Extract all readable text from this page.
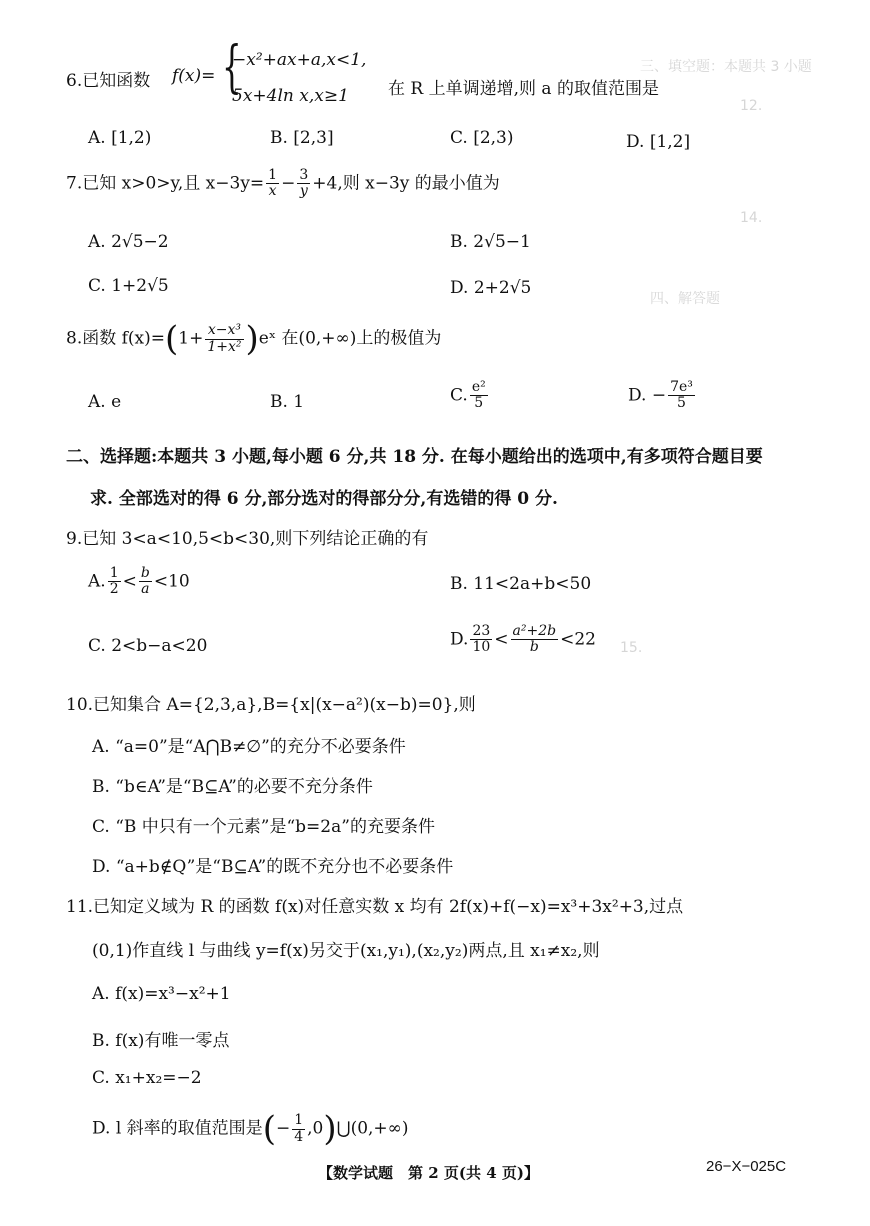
三、填空题：本题共 3 小题
12.
14.
四、解答题
15.
6.已知函数 f(x)= {
−x²+ax+a,x<1,
5x+4ln x,x≥1 在 R 上单调递增,则 a 的取值范围是
A. [1,2)	B. [2,3]	C. [2,3)	D. [1,2]
7.已知 x>0>y,且 $x-3y= \frac{1}{x} - \frac{3}{y} +4$,则 x−3y 的最小值为
A. 2√5−2	B. 2√5−1
C. 1+2√5	D. 2+2√5
8.函数 $f(x)=(1+ \frac{\text{x−x³}}{\text{1+x²}}$ )eˣ 在(0,+∞)上的极值为
A. e	B. 1	C. $\frac{\text{e²}}{5}$	D. − $\frac{\text{7e³}}{5}$
二、选择题:本题共 3 小题,每小题 6 分,共 18 分. 在每小题给出的选项中,有多项符合题目要
求. 全部选对的得 6 分,部分选对的得部分分,有选错的得 0 分.
9.已知 3<a<10,5<b<30,则下列结论正确的有
A. $\frac{1}{2} < \frac{b}{a} <10$	B. 11<2a+b<50
C. 2<b−a<20	D. $\frac{23}{10} < \frac{\text{a²+2b}}{b} <22$
10.已知集合 A={2,3,a},B={x|(x−a²)(x−b)=0},则
A. “a=0”是“A⋂B≠∅”的充分不必要条件
B. “b∈A”是“B⊆A”的必要不充分条件
C. “B 中只有一个元素”是“b=2a”的充要条件
D. “a+b∉Q”是“B⊆A”的既不充分也不必要条件
11.已知定义域为 R 的函数 f(x)对任意实数 x 均有 2f(x)+f(−x)=x³+3x²+3,过点
(0,1)作直线 l 与曲线 y=f(x)另交于(x₁,y₁),(x₂,y₂)两点,且 x₁≠x₂,则
A. f(x)=x³−x²+1
B. f(x)有唯一零点
C. x₁+x₂=−2
D. l 斜率的取值范围是(− $\frac{1}{4}$ ,0)⋃(0,+∞)
【数学试题　第 2 页(共 4 页)】	26−X−025C
